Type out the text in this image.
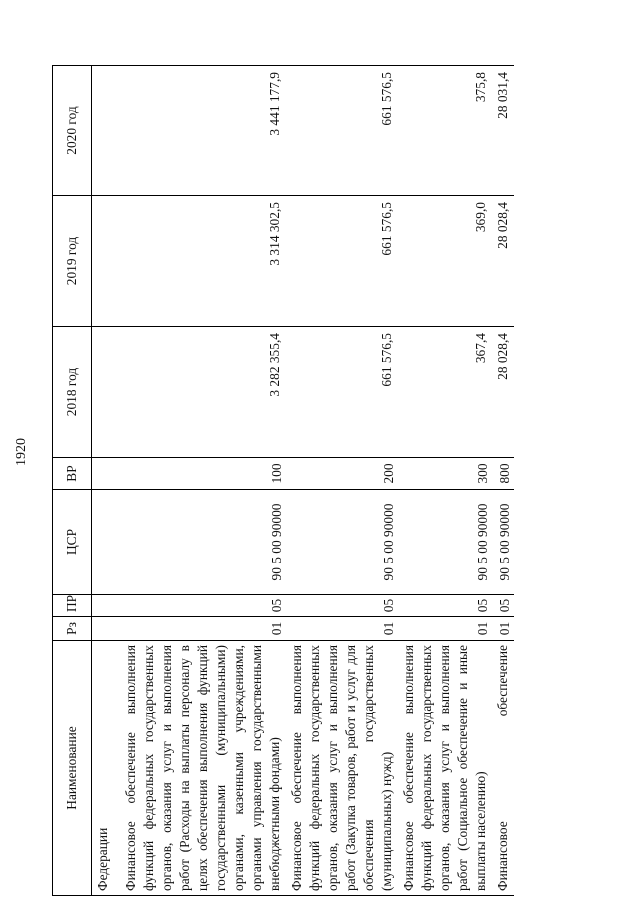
1920
Наименование	Рз	ПР	ЦСР	ВР	2018 год	2019 год	2020 год
Федерации							
Финансовое обеспечение выполнения функций федеральных государственных органов, оказания услуг и выполнения работ (Расходы на выплаты персоналу в целях обеспечения выполнения функций государственными (муниципальными) органами, казенными учреждениями, органами управления государственными внебюджетными фондами)	01	05	90 5 00 90000	100	3 282 355,4	3 314 302,5	3 441 177,9
Финансовое обеспечение выполнения функций федеральных государственных органов, оказания услуг и выполнения работ (Закупка товаров, работ и услуг для обеспечения государственных (муниципальных) нужд)	01	05	90 5 00 90000	200	661 576,5	661 576,5	661 576,5
Финансовое обеспечение выполнения функций федеральных государственных органов, оказания услуг и выполнения работ (Социальное обеспечение и иные выплаты населению)	01	05	90 5 00 90000	300	367,4	369,0	375,8
Финансовое обеспечение	01	05	90 5 00 90000	800	28 028,4	28 028,4	28 031,4
